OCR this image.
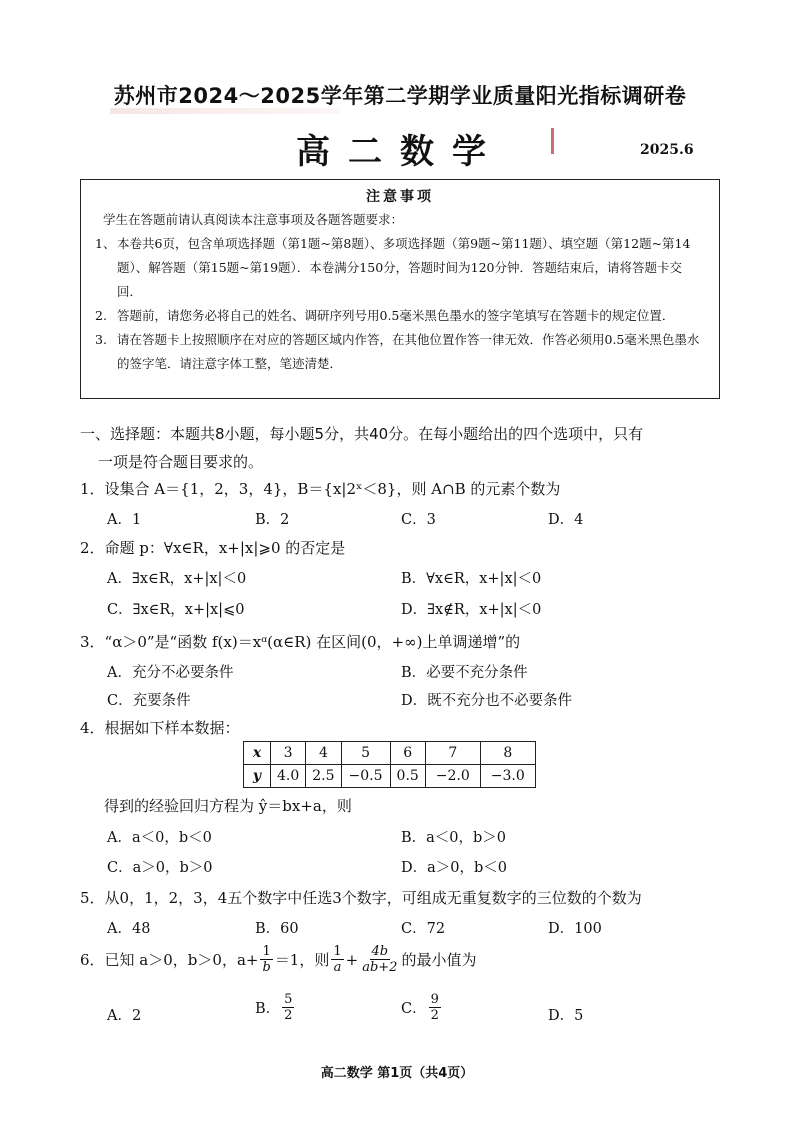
苏州市2024～2025学年第二学期学业质量阳光指标调研卷
高二数学	2025.6
注意事项
学生在答题前请认真阅读本注意事项及各题答题要求：
1、 本卷共6页，包含单项选择题（第1题~第8题）、多项选择题（第9题~第11题）、填空题（第12题~第14题）、解答题（第15题~第19题）．本卷满分150分，答题时间为120分钟．答题结束后，请将答题卡交回．
2. 答题前，请您务必将自己的姓名、调研序列号用0.5毫米黑色墨水的签字笔填写在答题卡的规定位置．
3. 请在答题卡上按照顺序在对应的答题区域内作答，在其他位置作答一律无效．作答必须用0.5毫米黑色墨水的签字笔．请注意字体工整，笔迹清楚．
一、选择题：本题共8小题，每小题5分，共40分。在每小题给出的四个选项中，只有
一项是符合题目要求的。
1．设集合 A＝{1，2，3，4}，B＝{x|2ˣ＜8}，则 A∩B 的元素个数为
A．1	B．2	C．3	D．4
2．命题 p：∀x∈R，x+|x|⩾0 的否定是
A．∃x∈R，x+|x|＜0	B．∀x∈R，x+|x|＜0
C．∃x∈R，x+|x|⩽0	D．∃x∉R，x+|x|＜0
3．“α＞0”是“函数 f(x)＝xᵅ(α∈R) 在区间(0，+∞)上单调递增”的
A．充分不必要条件	B．必要不充分条件
C．充要条件	D．既不充分也不必要条件
4．根据如下样本数据：
x	3	4	5	6	7	8
y	4.0	2.5	−0.5	0.5	−2.0	−3.0
得到的经验回归方程为 ŷ＝bx+a，则
A．a＜0，b＜0	B．a＜0，b＞0
C．a＞0，b＞0	D．a＞0，b＜0
5．从0，1，2，3，4五个数字中任选3个数字，可组成无重复数字的三位数的个数为
A．48	B．60	C．72	D．100
6．已知 a＞0，b＞0，$a+ \frac{1}{b} =1$，则 $\frac{1}{a} + \frac{4b}{ab+2}$ 的最小值为
A．2	B． $\frac{5}{2}$	C． $\frac{9}{2}$	D．5
高二数学 第1页（共4页）
